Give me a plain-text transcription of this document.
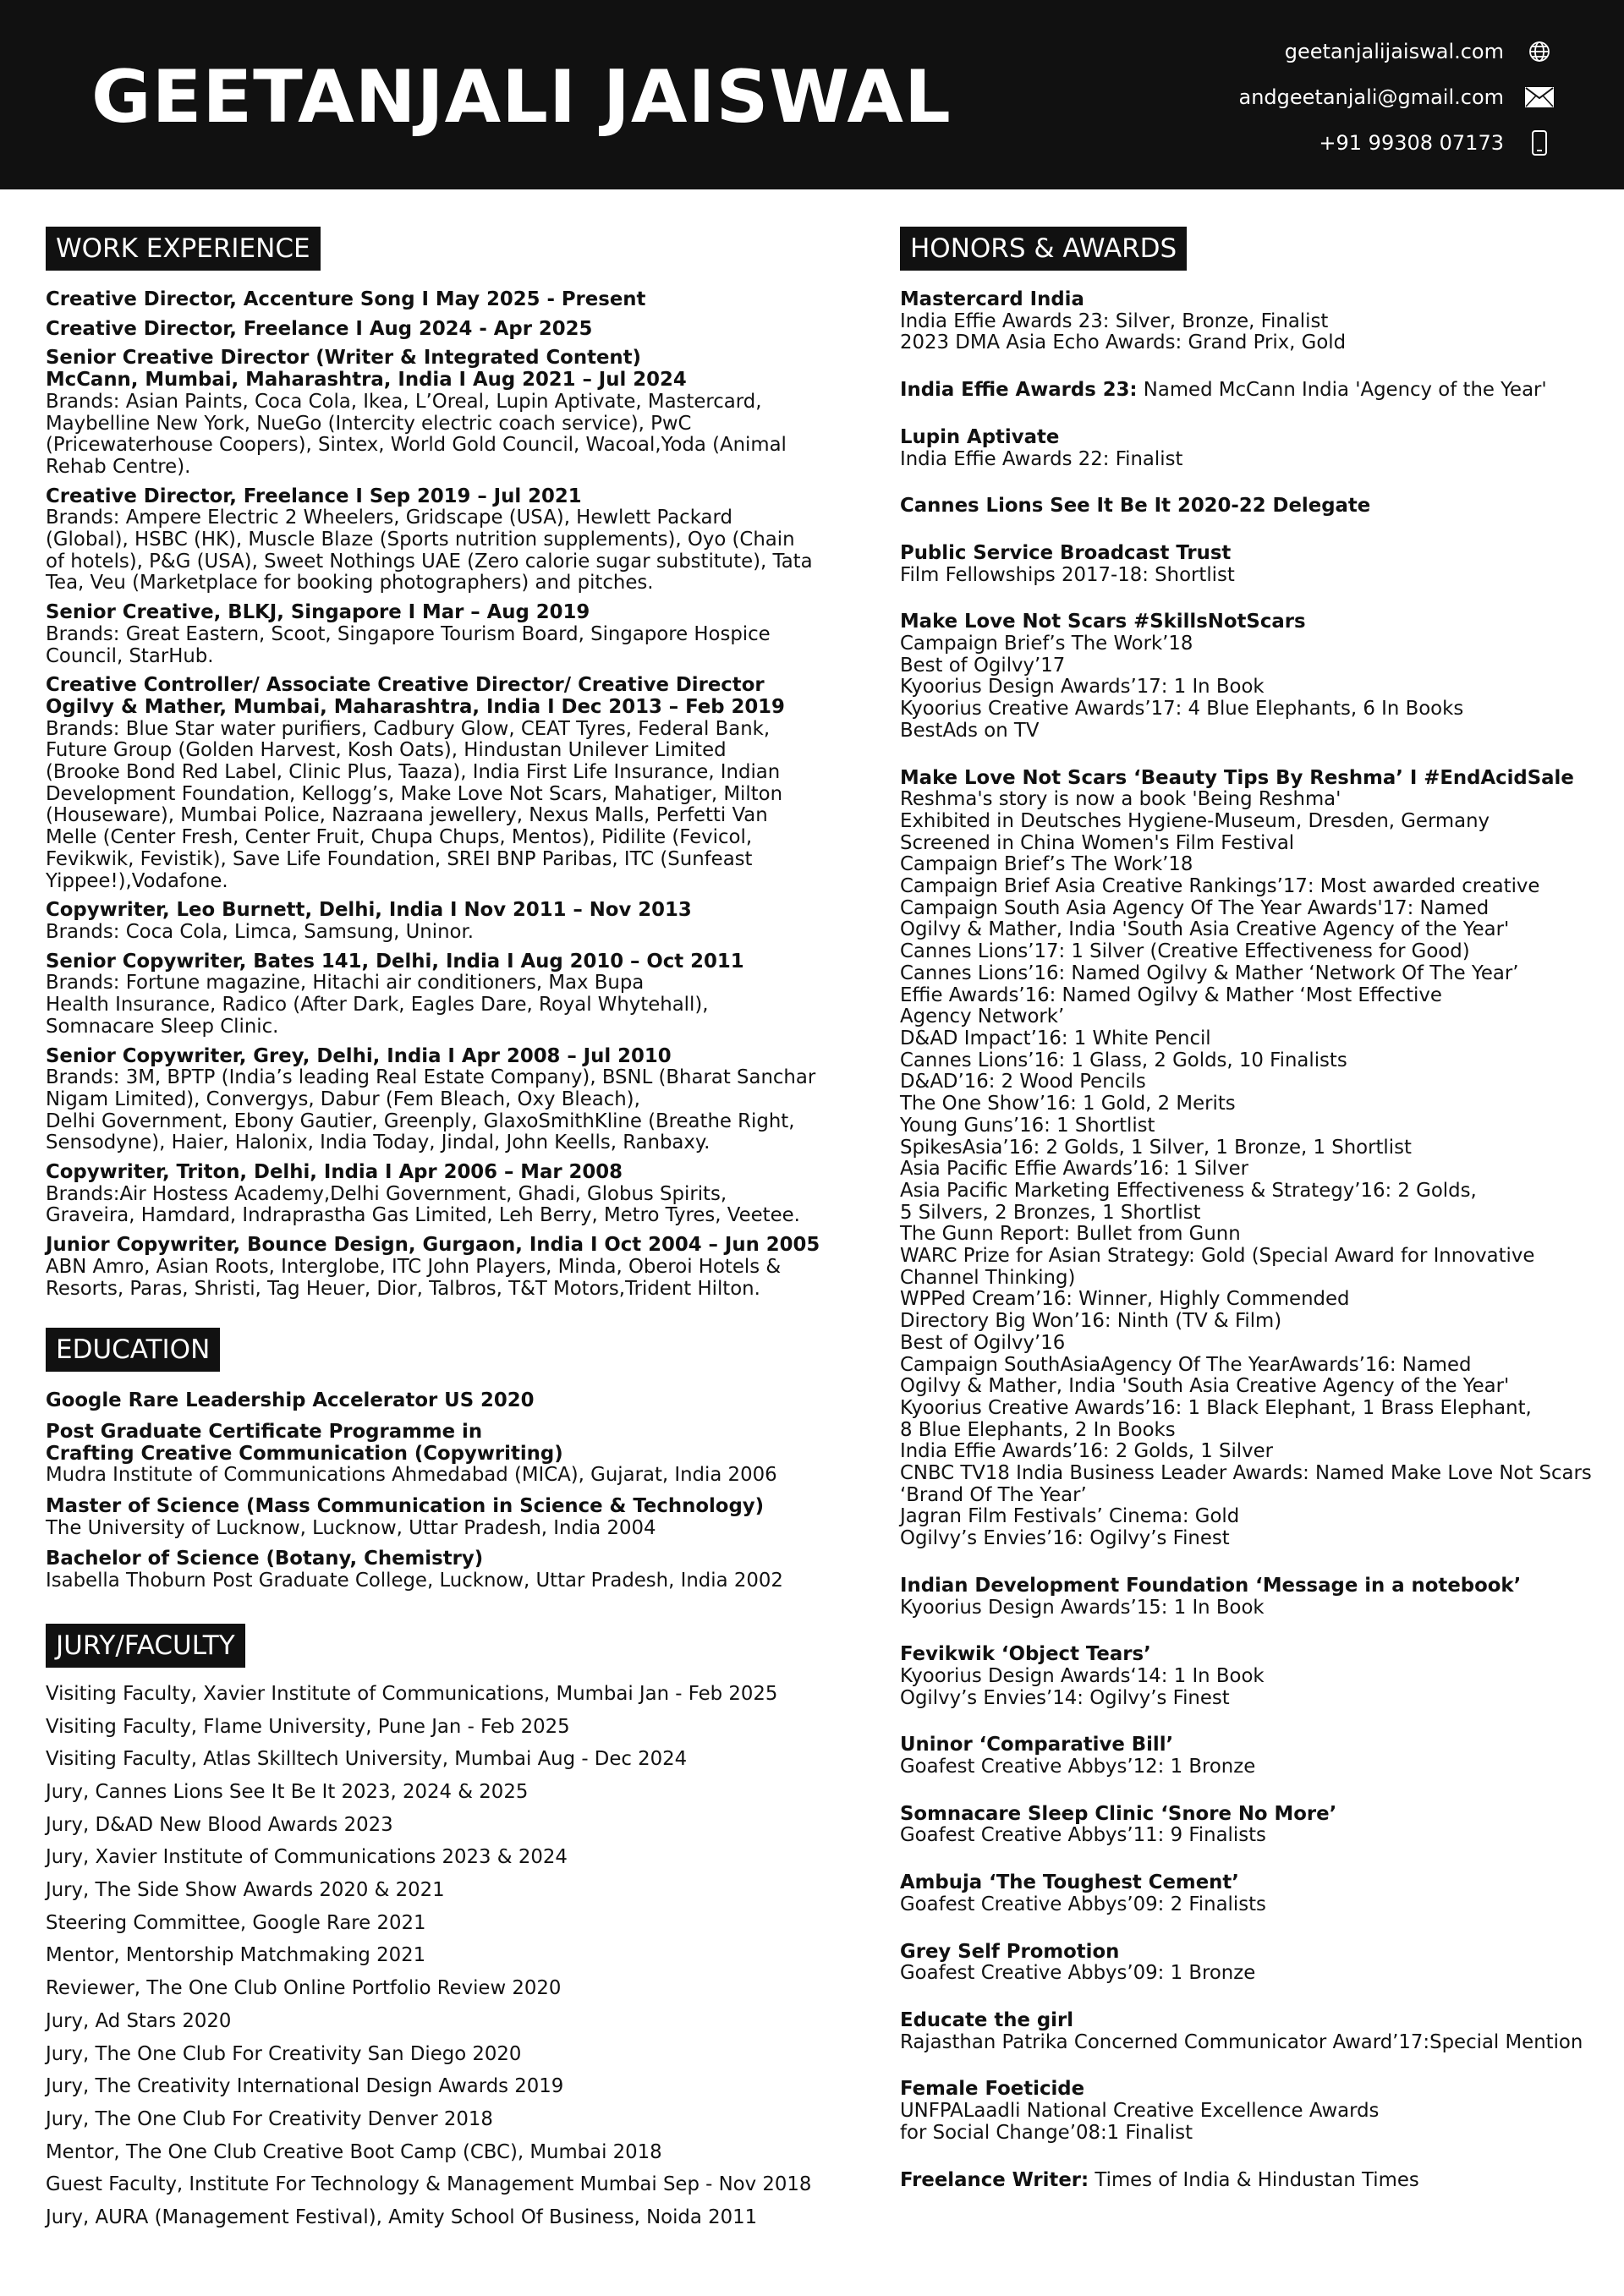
GEETANJALI JAISWAL
geetanjalijaiswal.com
andgeetanjali@gmail.com
+91 99308 07173
WORK EXPERIENCE
Creative Director, Accenture Song I May 2025 - Present
Creative Director, Freelance I Aug 2024 - Apr 2025
Senior Creative Director (Writer & Integrated Content)
McCann, Mumbai, Maharashtra, India I Aug 2021 – Jul 2024
Brands: Asian Paints, Coca Cola, Ikea, L’Oreal, Lupin Aptivate, Mastercard,
Maybelline New York, NueGo (Intercity electric coach service), PwC
(Pricewaterhouse Coopers), Sintex, World Gold Council, Wacoal,Yoda (Animal
Rehab Centre).
Creative Director, Freelance I Sep 2019 – Jul 2021
Brands: Ampere Electric 2 Wheelers, Gridscape (USA), Hewlett Packard
(Global), HSBC (HK), Muscle Blaze (Sports nutrition supplements), Oyo (Chain
of hotels), P&G (USA), Sweet Nothings UAE (Zero calorie sugar substitute), Tata
Tea, Veu (Marketplace for booking photographers) and pitches.
Senior Creative, BLKJ, Singapore I Mar – Aug 2019
Brands: Great Eastern, Scoot, Singapore Tourism Board, Singapore Hospice
Council, StarHub.
Creative Controller/ Associate Creative Director/ Creative Director
Ogilvy & Mather, Mumbai, Maharashtra, India I Dec 2013 – Feb 2019
Brands: Blue Star water purifiers, Cadbury Glow, CEAT Tyres, Federal Bank,
Future Group (Golden Harvest, Kosh Oats), Hindustan Unilever Limited
(Brooke Bond Red Label, Clinic Plus, Taaza), India First Life Insurance, Indian
Development Foundation, Kellogg’s, Make Love Not Scars, Mahatiger, Milton
(Houseware), Mumbai Police, Nazraana jewellery, Nexus Malls, Perfetti Van
Melle (Center Fresh, Center Fruit, Chupa Chups, Mentos), Pidilite (Fevicol,
Fevikwik, Fevistik), Save Life Foundation, SREI BNP Paribas, ITC (Sunfeast
Yippee!),Vodafone.
Copywriter, Leo Burnett, Delhi, India I Nov 2011 – Nov 2013
Brands: Coca Cola, Limca, Samsung, Uninor.
Senior Copywriter, Bates 141, Delhi, India I Aug 2010 – Oct 2011
Brands: Fortune magazine, Hitachi air conditioners, Max Bupa
Health Insurance, Radico (After Dark, Eagles Dare, Royal Whytehall),
Somnacare Sleep Clinic.
Senior Copywriter, Grey, Delhi, India I Apr 2008 – Jul 2010
Brands: 3M, BPTP (India’s leading Real Estate Company), BSNL (Bharat Sanchar
Nigam Limited), Convergys, Dabur (Fem Bleach, Oxy Bleach),
Delhi Government, Ebony Gautier, Greenply, GlaxoSmithKline (Breathe Right,
Sensodyne), Haier, Halonix, India Today, Jindal, John Keells, Ranbaxy.
Copywriter, Triton, Delhi, India I Apr 2006 – Mar 2008
Brands:Air Hostess Academy,Delhi Government, Ghadi, Globus Spirits,
Graveira, Hamdard, Indraprastha Gas Limited, Leh Berry, Metro Tyres, Veetee.
Junior Copywriter, Bounce Design, Gurgaon, India I Oct 2004 – Jun 2005
ABN Amro, Asian Roots, Interglobe, ITC John Players, Minda, Oberoi Hotels &
Resorts, Paras, Shristi, Tag Heuer, Dior, Talbros, T&T Motors,Trident Hilton.
EDUCATION
Google Rare Leadership Accelerator US 2020
Post Graduate Certificate Programme in
Crafting Creative Communication (Copywriting)
Mudra Institute of Communications Ahmedabad (MICA), Gujarat, India 2006
Master of Science (Mass Communication in Science & Technology)
The University of Lucknow, Lucknow, Uttar Pradesh, India 2004
Bachelor of Science (Botany, Chemistry)
Isabella Thoburn Post Graduate College, Lucknow, Uttar Pradesh, India 2002
JURY/FACULTY
Visiting Faculty, Xavier Institute of Communications, Mumbai Jan - Feb 2025
Visiting Faculty, Flame University, Pune Jan - Feb 2025
Visiting Faculty, Atlas Skilltech University, Mumbai Aug - Dec 2024
Jury, Cannes Lions See It Be It 2023, 2024 & 2025
Jury, D&AD New Blood Awards 2023
Jury, Xavier Institute of Communications 2023 & 2024
Jury, The Side Show Awards 2020 & 2021
Steering Committee, Google Rare 2021
Mentor, Mentorship Matchmaking 2021
Reviewer, The One Club Online Portfolio Review 2020
Jury, Ad Stars 2020
Jury, The One Club For Creativity San Diego 2020
Jury, The Creativity International Design Awards 2019
Jury, The One Club For Creativity Denver 2018
Mentor, The One Club Creative Boot Camp (CBC), Mumbai 2018
Guest Faculty, Institute For Technology & Management Mumbai Sep - Nov 2018
Jury, AURA (Management Festival), Amity School Of Business, Noida 2011
HONORS & AWARDS
Mastercard India
India Effie Awards 23: Silver, Bronze, Finalist
2023 DMA Asia Echo Awards: Grand Prix, Gold
India Effie Awards 23: Named McCann India 'Agency of the Year'
Lupin Aptivate
India Effie Awards 22: Finalist
Cannes Lions See It Be It 2020-22 Delegate
Public Service Broadcast Trust
Film Fellowships 2017-18: Shortlist
Make Love Not Scars #SkillsNotScars
Campaign Brief’s The Work’18
Best of Ogilvy’17
Kyoorius Design Awards’17: 1 In Book
Kyoorius Creative Awards’17: 4 Blue Elephants, 6 In Books
BestAds on TV
Make Love Not Scars ‘Beauty Tips By Reshma’ I #EndAcidSale
Reshma's story is now a book 'Being Reshma'
Exhibited in Deutsches Hygiene-Museum, Dresden, Germany
Screened in China Women's Film Festival
Campaign Brief’s The Work’18
Campaign Brief Asia Creative Rankings’17: Most awarded creative
Campaign South Asia Agency Of The Year Awards'17: Named
Ogilvy & Mather, India 'South Asia Creative Agency of the Year'
Cannes Lions’17: 1 Silver (Creative Effectiveness for Good)
Cannes Lions’16: Named Ogilvy & Mather ‘Network Of The Year’
Effie Awards’16: Named Ogilvy & Mather ‘Most Effective
Agency Network’
D&AD Impact’16: 1 White Pencil
Cannes Lions’16: 1 Glass, 2 Golds, 10 Finalists
D&AD’16: 2 Wood Pencils
The One Show’16: 1 Gold, 2 Merits
Young Guns’16: 1 Shortlist
SpikesAsia’16: 2 Golds, 1 Silver, 1 Bronze, 1 Shortlist
Asia Pacific Effie Awards’16: 1 Silver
Asia Pacific Marketing Effectiveness & Strategy’16: 2 Golds,
5 Silvers, 2 Bronzes, 1 Shortlist
The Gunn Report: Bullet from Gunn
WARC Prize for Asian Strategy: Gold (Special Award for Innovative
Channel Thinking)
WPPed Cream’16: Winner, Highly Commended
Directory Big Won’16: Ninth (TV & Film)
Best of Ogilvy’16
Campaign SouthAsiaAgency Of The YearAwards’16: Named
Ogilvy & Mather, India 'South Asia Creative Agency of the Year'
Kyoorius Creative Awards’16: 1 Black Elephant, 1 Brass Elephant,
8 Blue Elephants, 2 In Books
India Effie Awards’16: 2 Golds, 1 Silver
CNBC TV18 India Business Leader Awards: Named Make Love Not Scars
‘Brand Of The Year’
Jagran Film Festivals’ Cinema: Gold
Ogilvy’s Envies’16: Ogilvy’s Finest
Indian Development Foundation ‘Message in a notebook’
Kyoorius Design Awards’15: 1 In Book
Fevikwik ‘Object Tears’
Kyoorius Design Awards‘14: 1 In Book
Ogilvy’s Envies’14: Ogilvy’s Finest
Uninor ‘Comparative Bill’
Goafest Creative Abbys’12: 1 Bronze
Somnacare Sleep Clinic ‘Snore No More’
Goafest Creative Abbys’11: 9 Finalists
Ambuja ‘The Toughest Cement’
Goafest Creative Abbys’09: 2 Finalists
Grey Self Promotion
Goafest Creative Abbys’09: 1 Bronze
Educate the girl
Rajasthan Patrika Concerned Communicator Award’17:Special Mention
Female Foeticide
UNFPALaadli National Creative Excellence Awards
for Social Change’08:1 Finalist
Freelance Writer: Times of India & Hindustan Times
